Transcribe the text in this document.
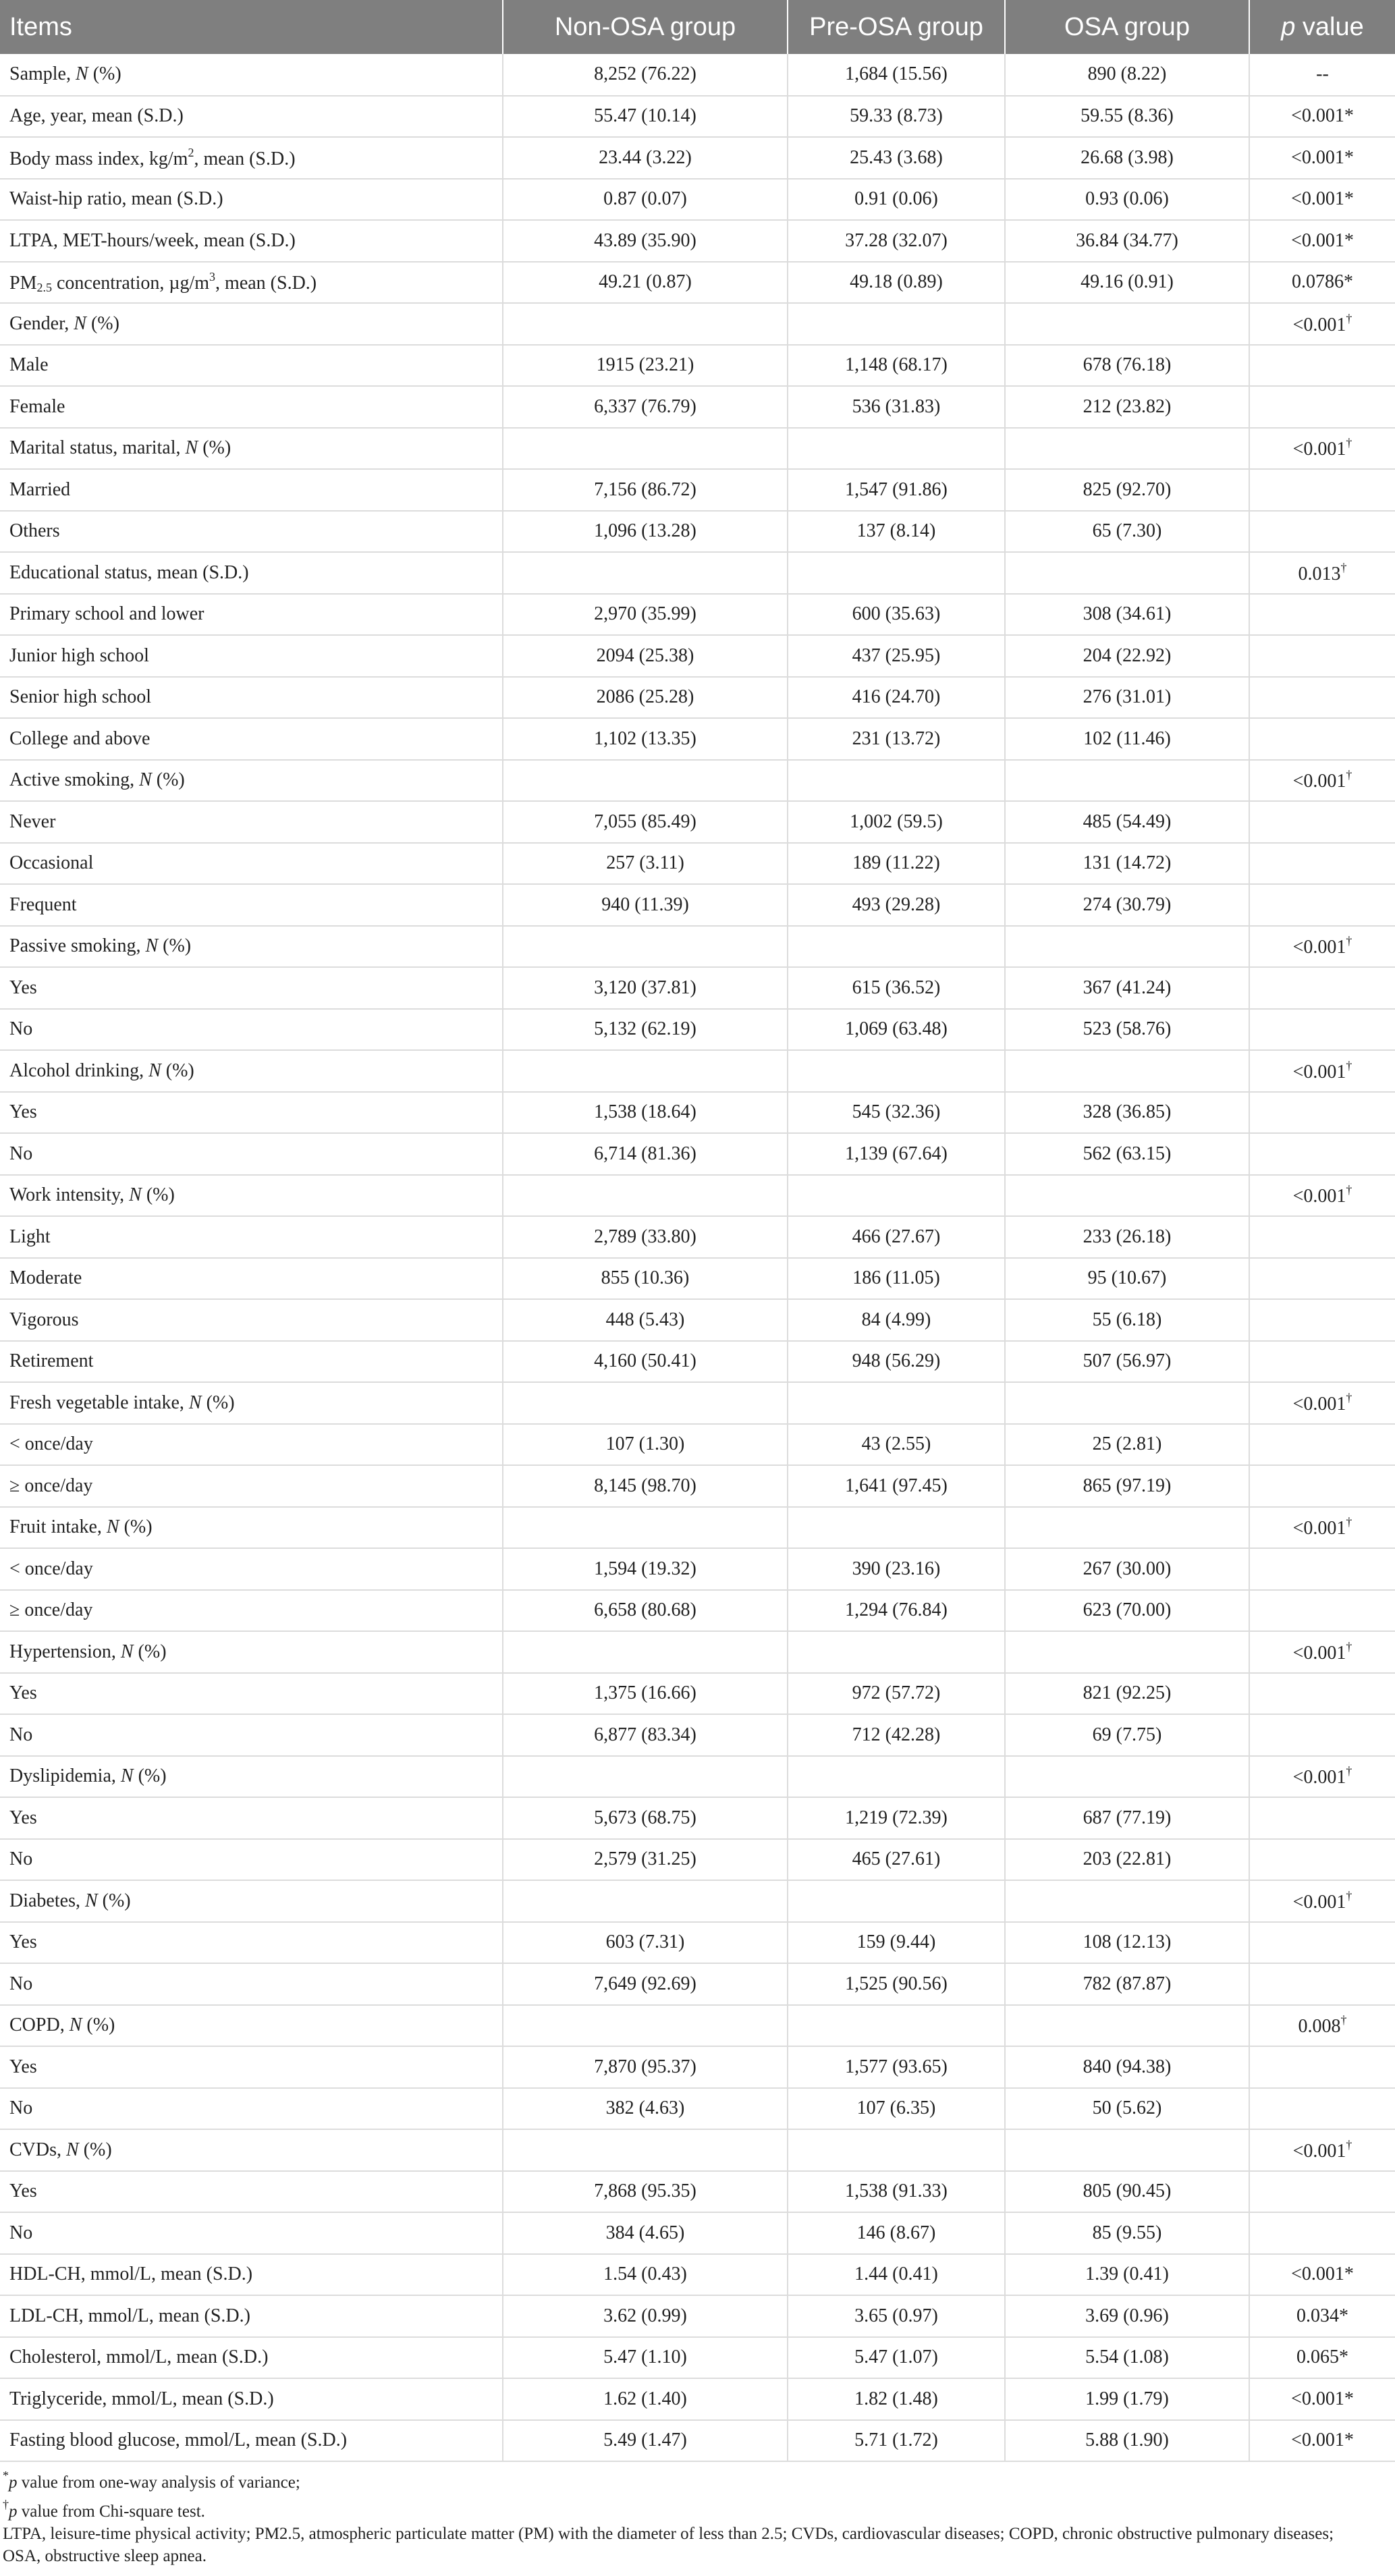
Items	Non-OSA group	Pre-OSA group	OSA group	p value
Sample, N (%)	8,252 (76.22)	1,684 (15.56)	890 (8.22)	--
Age, year, mean (S.D.)	55.47 (10.14)	59.33 (8.73)	59.55 (8.36)	<0.001*
Body mass index, $kg/m^2$, mean (S.D.)	23.44 (3.22)	25.43 (3.68)	26.68 (3.98)	<0.001*
Waist-hip ratio, mean (S.D.)	0.87 (0.07)	0.91 (0.06)	0.93 (0.06)	<0.001*
LTPA, MET-hours/week, mean (S.D.)	43.89 (35.90)	37.28 (32.07)	36.84 (34.77)	<0.001*
$PM_{2.5}$ concentration, $\mu g/m^3$, mean (S.D.)	49.21 (0.87)	49.18 (0.89)	49.16 (0.91)	0.0786*
Gender, N (%)				<0.001†
Male	1915 (23.21)	1,148 (68.17)	678 (76.18)	
Female	6,337 (76.79)	536 (31.83)	212 (23.82)	
Marital status, marital, N (%)				<0.001†
Married	7,156 (86.72)	1,547 (91.86)	825 (92.70)	
Others	1,096 (13.28)	137 (8.14)	65 (7.30)	
Educational status, mean (S.D.)				0.013†
Primary school and lower	2,970 (35.99)	600 (35.63)	308 (34.61)	
Junior high school	2094 (25.38)	437 (25.95)	204 (22.92)	
Senior high school	2086 (25.28)	416 (24.70)	276 (31.01)	
College and above	1,102 (13.35)	231 (13.72)	102 (11.46)	
Active smoking, N (%)				<0.001†
Never	7,055 (85.49)	1,002 (59.5)	485 (54.49)	
Occasional	257 (3.11)	189 (11.22)	131 (14.72)	
Frequent	940 (11.39)	493 (29.28)	274 (30.79)	
Passive smoking, N (%)				<0.001†
Yes	3,120 (37.81)	615 (36.52)	367 (41.24)	
No	5,132 (62.19)	1,069 (63.48)	523 (58.76)	
Alcohol drinking, N (%)				<0.001†
Yes	1,538 (18.64)	545 (32.36)	328 (36.85)	
No	6,714 (81.36)	1,139 (67.64)	562 (63.15)	
Work intensity, N (%)				<0.001†
Light	2,789 (33.80)	466 (27.67)	233 (26.18)	
Moderate	855 (10.36)	186 (11.05)	95 (10.67)	
Vigorous	448 (5.43)	84 (4.99)	55 (6.18)	
Retirement	4,160 (50.41)	948 (56.29)	507 (56.97)	
Fresh vegetable intake, N (%)				<0.001†
< once/day	107 (1.30)	43 (2.55)	25 (2.81)	
≥ once/day	8,145 (98.70)	1,641 (97.45)	865 (97.19)	
Fruit intake, N (%)				<0.001†
< once/day	1,594 (19.32)	390 (23.16)	267 (30.00)	
≥ once/day	6,658 (80.68)	1,294 (76.84)	623 (70.00)	
Hypertension, N (%)				<0.001†
Yes	1,375 (16.66)	972 (57.72)	821 (92.25)	
No	6,877 (83.34)	712 (42.28)	69 (7.75)	
Dyslipidemia, N (%)				<0.001†
Yes	5,673 (68.75)	1,219 (72.39)	687 (77.19)	
No	2,579 (31.25)	465 (27.61)	203 (22.81)	
Diabetes, N (%)				<0.001†
Yes	603 (7.31)	159 (9.44)	108 (12.13)	
No	7,649 (92.69)	1,525 (90.56)	782 (87.87)	
COPD, N (%)				0.008†
Yes	7,870 (95.37)	1,577 (93.65)	840 (94.38)	
No	382 (4.63)	107 (6.35)	50 (5.62)	
CVDs, N (%)				<0.001†
Yes	7,868 (95.35)	1,538 (91.33)	805 (90.45)	
No	384 (4.65)	146 (8.67)	85 (9.55)	
HDL-CH, mmol/L, mean (S.D.)	1.54 (0.43)	1.44 (0.41)	1.39 (0.41)	<0.001*
LDL-CH, mmol/L, mean (S.D.)	3.62 (0.99)	3.65 (0.97)	3.69 (0.96)	0.034*
Cholesterol, mmol/L, mean (S.D.)	5.47 (1.10)	5.47 (1.07)	5.54 (1.08)	0.065*
Triglyceride, mmol/L, mean (S.D.)	1.62 (1.40)	1.82 (1.48)	1.99 (1.79)	<0.001*
Fasting blood glucose, mmol/L, mean (S.D.)	5.49 (1.47)	5.71 (1.72)	5.88 (1.90)	<0.001*
*p value from one-way analysis of variance;
†p value from Chi-square test.
LTPA, leisure-time physical activity; PM2.5, atmospheric particulate matter (PM) with the diameter of less than 2.5; CVDs, cardiovascular diseases; COPD, chronic obstructive pulmonary diseases;
OSA, obstructive sleep apnea.
